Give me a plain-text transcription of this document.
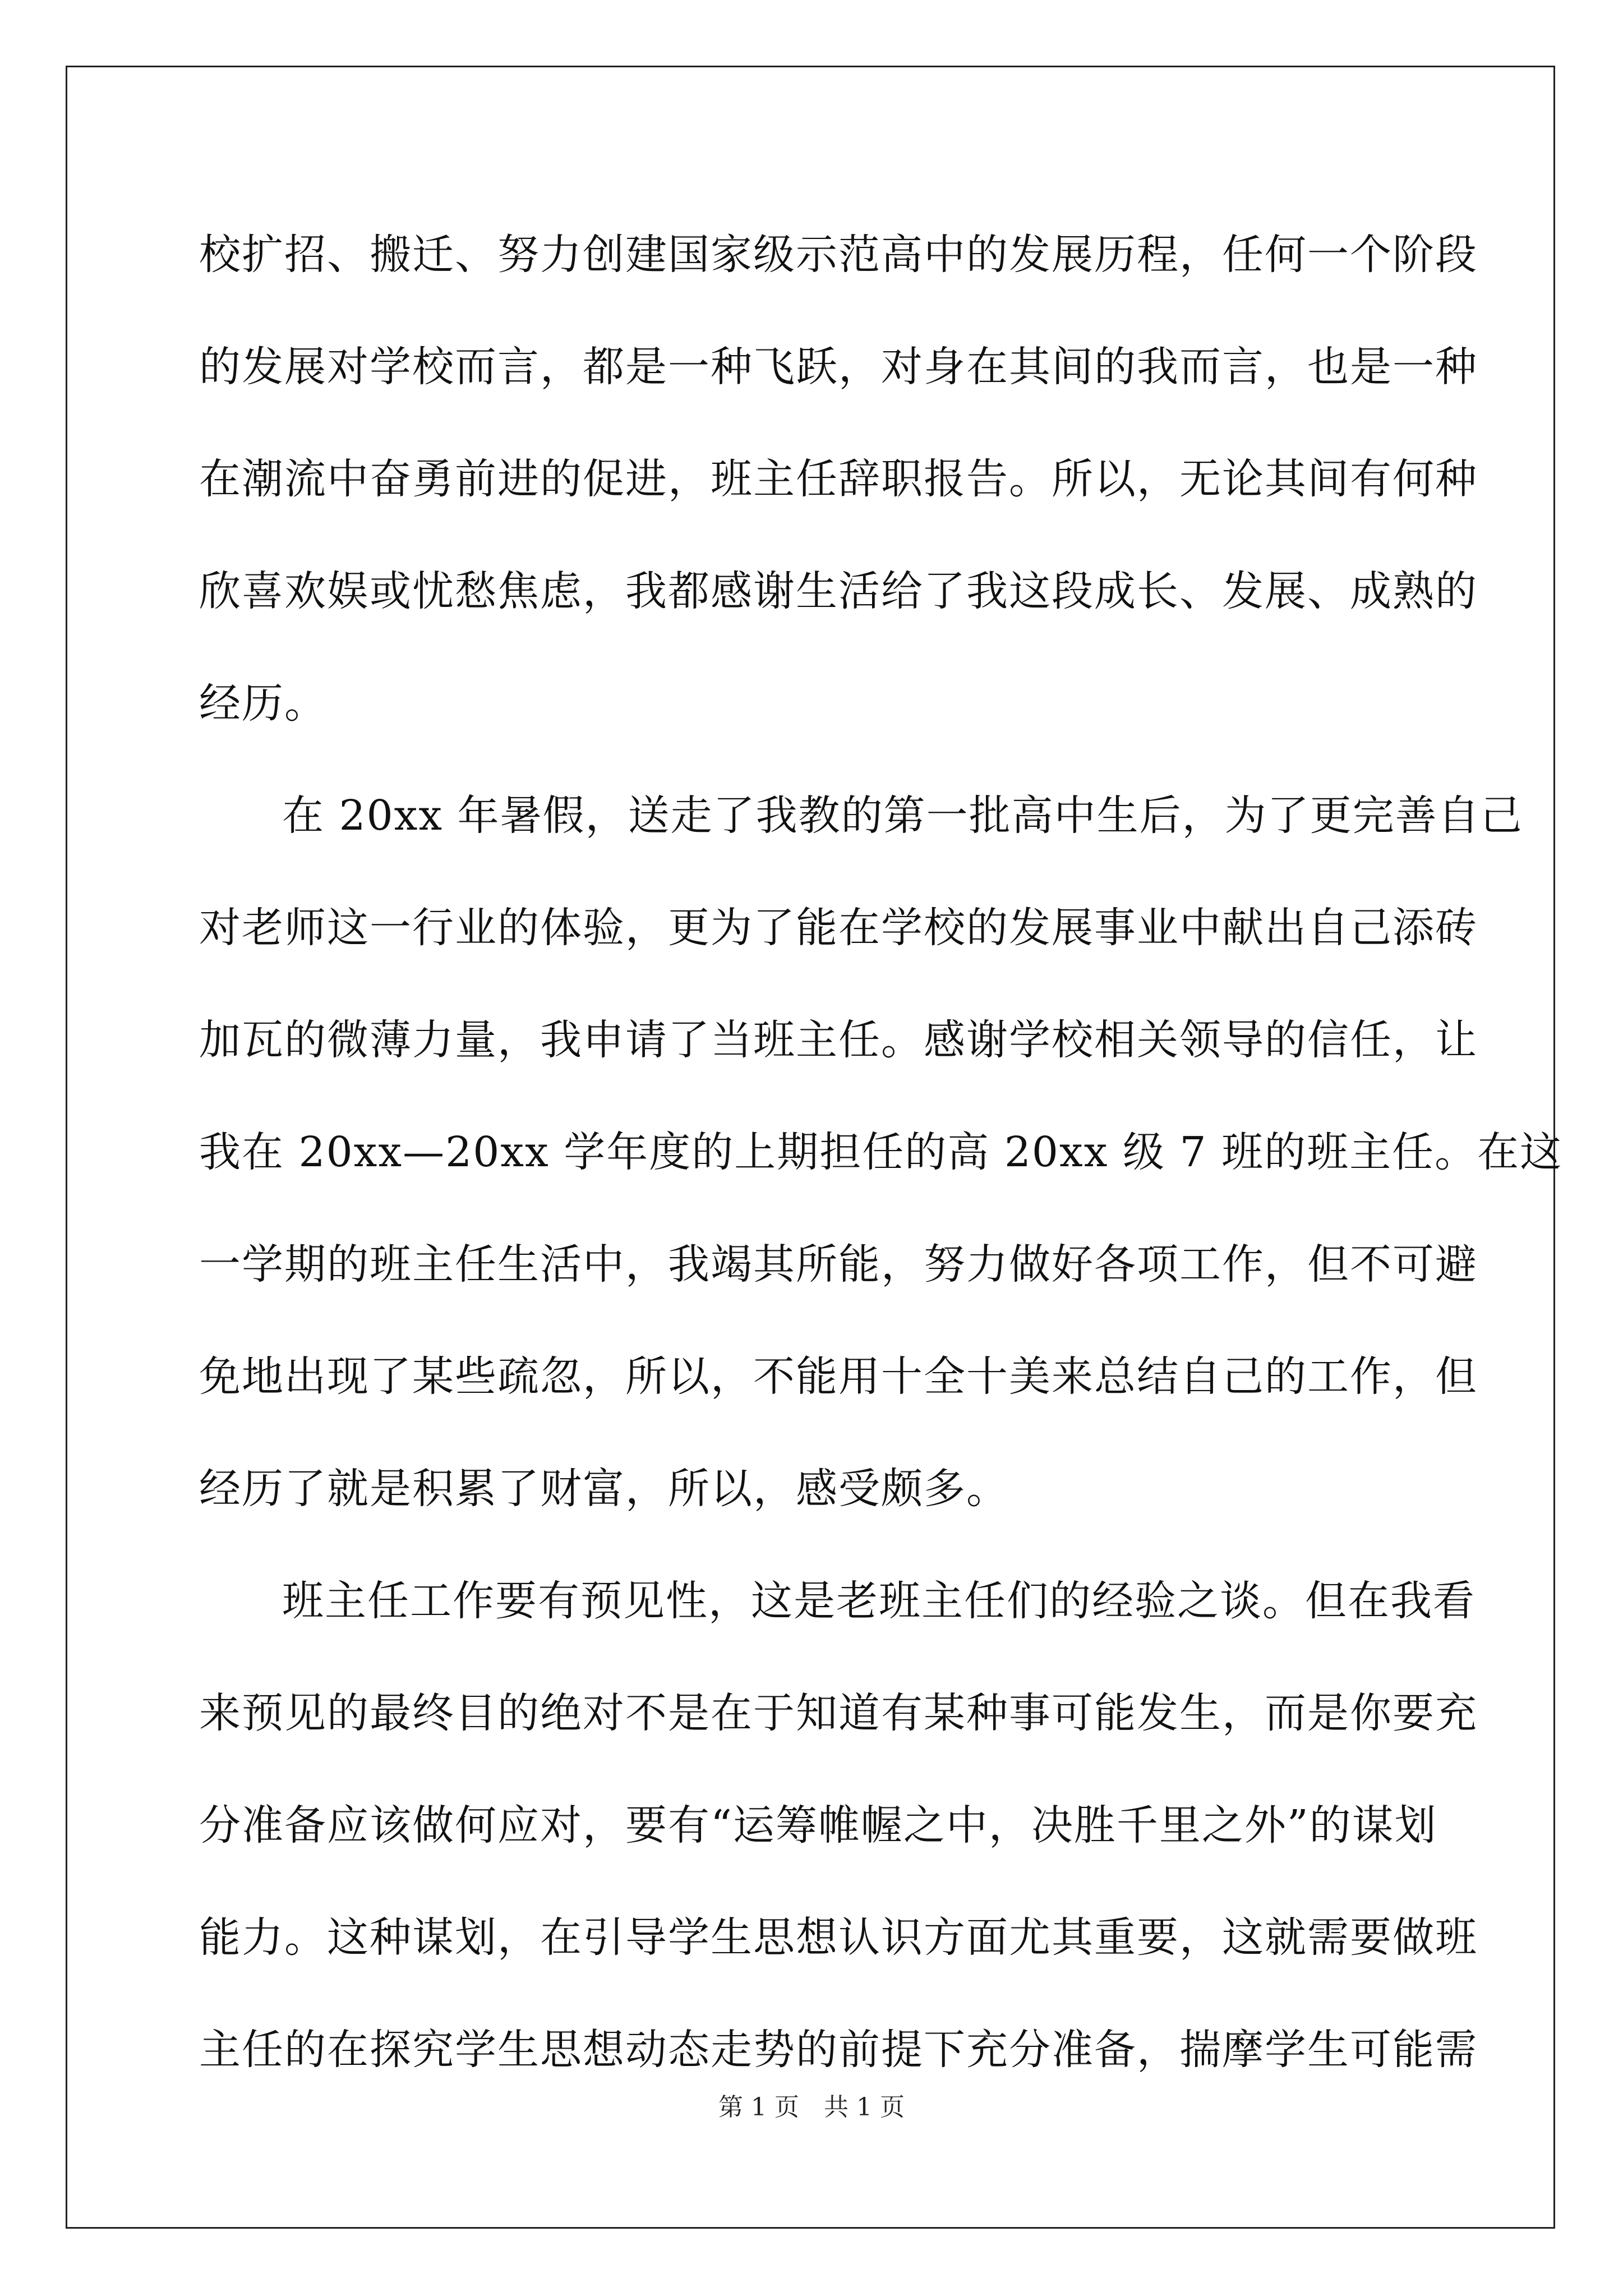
校扩招、搬迁、努力创建国家级示范高中的发展历程，任何一个阶段
的发展对学校而言，都是一种飞跃，对身在其间的我而言，也是一种
在潮流中奋勇前进的促进，班主任辞职报告。所以，无论其间有何种
欣喜欢娱或忧愁焦虑，我都感谢生活给了我这段成长、发展、成熟的
经历。
在 20xx 年暑假，送走了我教的第一批高中生后，为了更完善自己
对老师这一行业的体验，更为了能在学校的发展事业中献出自己添砖
加瓦的微薄力量，我申请了当班主任。感谢学校相关领导的信任，让
我在 20xx—20xx 学年度的上期担任的高 20xx 级 7 班的班主任。在这
一学期的班主任生活中，我竭其所能，努力做好各项工作，但不可避
免地出现了某些疏忽，所以，不能用十全十美来总结自己的工作，但
经历了就是积累了财富，所以，感受颇多。
班主任工作要有预见性，这是老班主任们的经验之谈。但在我看
来预见的最终目的绝对不是在于知道有某种事可能发生，而是你要充
分准备应该做何应对，要有“运筹帷幄之中，决胜千里之外”的谋划
能力。这种谋划，在引导学生思想认识方面尤其重要，这就需要做班
主任的在探究学生思想动态走势的前提下充分准备，揣摩学生可能需
第 1 页 共 1 页
